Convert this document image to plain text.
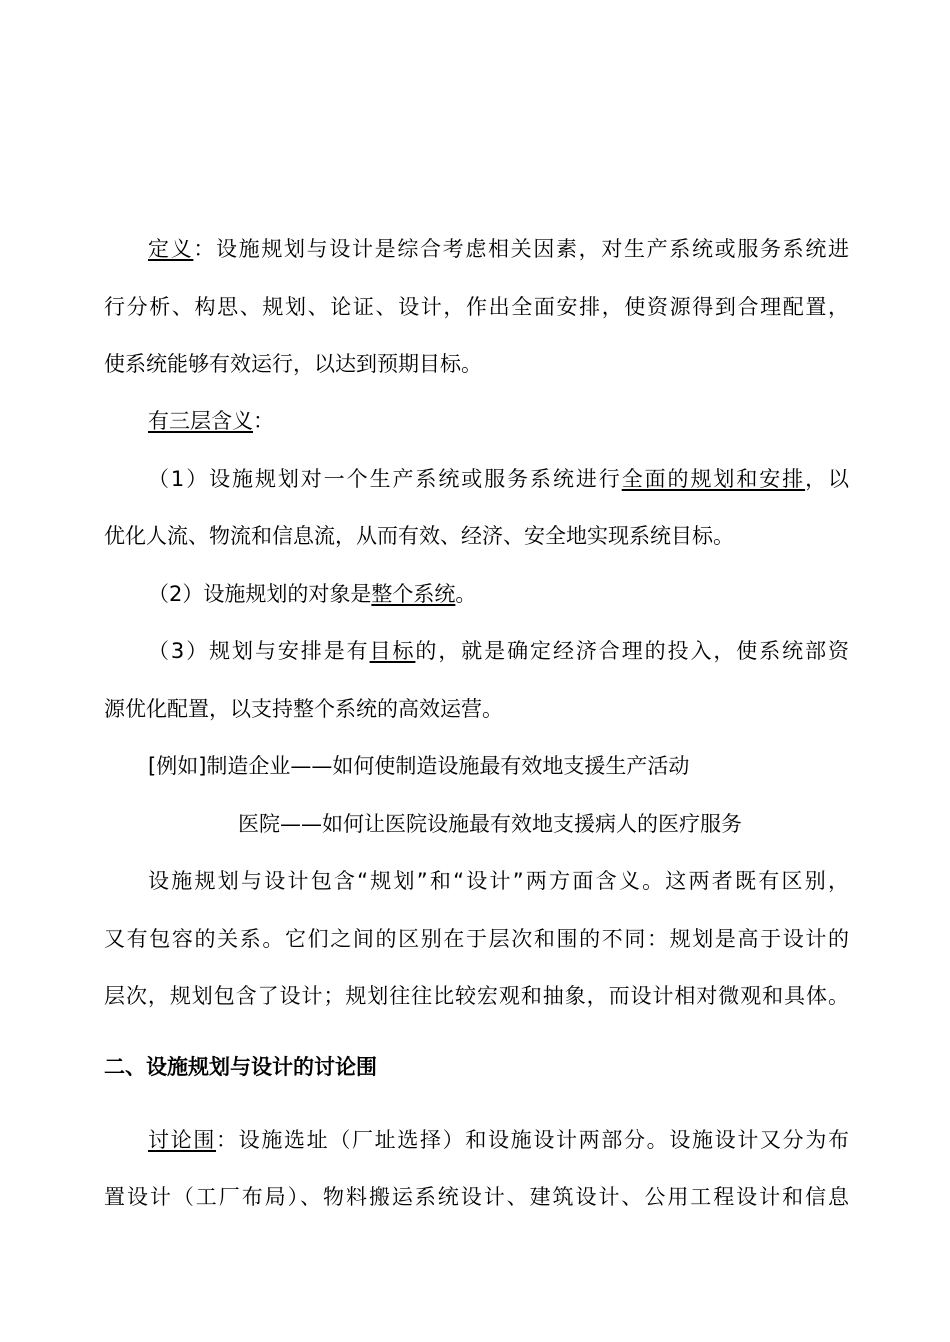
定义：设施规划与设计是综合考虑相关因素，对生产系统或服务系统进
行分析、构思、规划、论证、设计，作出全面安排，使资源得到合理配置，
使系统能够有效运行，以达到预期目标。
有三层含义：
（1）设施规划对一个生产系统或服务系统进行全面的规划和安排，以
优化人流、物流和信息流，从而有效、经济、安全地实现系统目标。
（2）设施规划的对象是整个系统。
（3）规划与安排是有目标的，就是确定经济合理的投入，使系统部资
源优化配置，以支持整个系统的高效运营。
[例如]制造企业——如何使制造设施最有效地支援生产活动
医院——如何让医院设施最有效地支援病人的医疗服务
设施规划与设计包含“规划”和“设计”两方面含义。这两者既有区别，
又有包容的关系。它们之间的区别在于层次和围的不同：规划是高于设计的
层次，规划包含了设计；规划往往比较宏观和抽象，而设计相对微观和具体。
二、设施规划与设计的讨论围
讨论围：设施选址（厂址选择）和设施设计两部分。设施设计又分为布
置设计（工厂布局）、物料搬运系统设计、建筑设计、公用工程设计和信息
